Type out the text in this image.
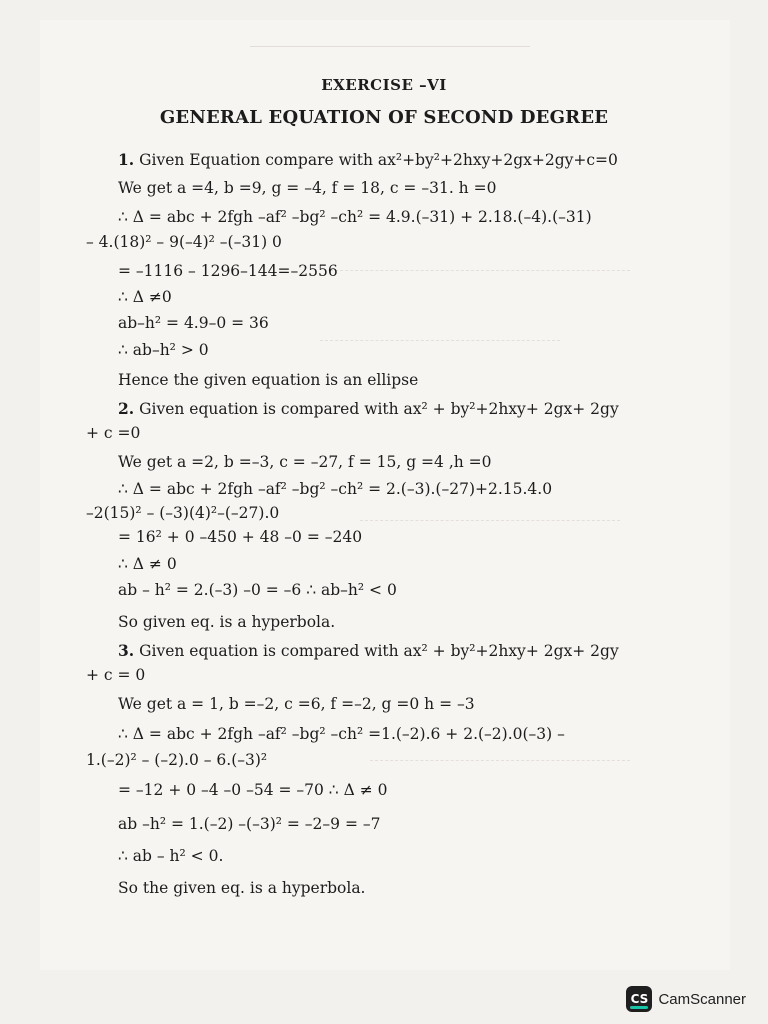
EXERCISE –VI
GENERAL EQUATION OF SECOND DEGREE
1. Given Equation compare with ax²+by²+2hxy+2gx+2gy+c=0
We get a =4, b =9, g = –4, f = 18, c = –31. h =0
∴ Δ = abc + 2fgh –af² –bg² –ch² = 4.9.(–31) + 2.18.(–4).(–31)
– 4.(18)² – 9(–4)² –(–31) 0
= –1116 – 1296–144=–2556
∴ Δ ≠0
ab–h² = 4.9–0 = 36
∴ ab–h² > 0
Hence the given equation is an ellipse
2. Given equation is compared with ax² + by²+2hxy+ 2gx+ 2gy
+ c =0
We get a =2, b =–3, c = –27, f = 15, g =4 ,h =0
∴ Δ = abc + 2fgh –af² –bg² –ch² = 2.(–3).(–27)+2.15.4.0
–2(15)² – (–3)(4)²–(–27).0
= 16² + 0 –450 + 48 –0 = –240
∴ Δ ≠ 0
ab – h² = 2.(–3) –0 = –6 ∴ ab–h² < 0
So given eq. is a hyperbola.
3. Given equation is compared with ax² + by²+2hxy+ 2gx+ 2gy
+ c = 0
We get a = 1, b =–2, c =6, f =–2, g =0 h = –3
∴ Δ = abc + 2fgh –af² –bg² –ch² =1.(–2).6 + 2.(–2).0(–3) –
1.(–2)² – (–2).0 – 6.(–3)²
= –12 + 0 –4 –0 –54 = –70 ∴ Δ ≠ 0
ab –h² = 1.(–2) –(–3)² = –2–9 = –7
∴ ab – h² < 0.
So the given eq. is a hyperbola.
CS CamScanner
